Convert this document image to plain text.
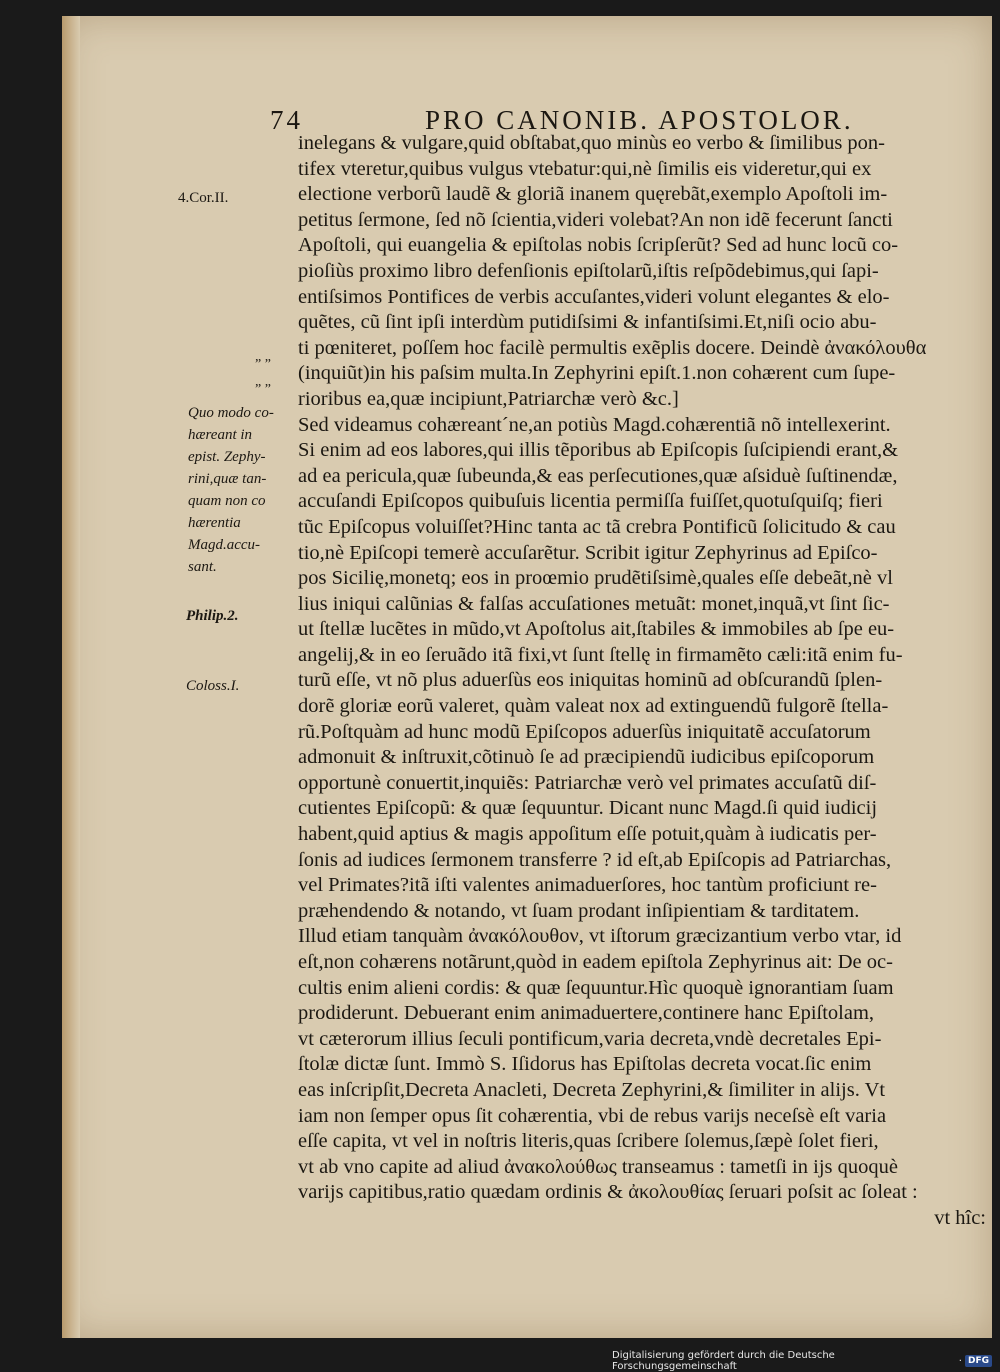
74	PRO CANONIB. APOSTOLOR.
4.Cor.II.
Quo modo co-
hæreant in
epist. Zephy-
rini,quæ tan-
quam non co
hærentia
Magd.accu-
sant.
Philip.2.
Coloss.I.
” ”
” ”
inelegans & vulgare,quid obſtabat,quo minùs eo verbo & ſimilibus pon-
tifex vteretur,quibus vulgus vtebatur:qui,nè ſimilis eis videretur,qui ex
electione verborũ laudẽ & gloriã inanem quęrebãt,exemplo Apoſtoli im-
petitus ſermone, ſed nõ ſcientia,videri volebat?An non idẽ fecerunt ſancti
Apoſtoli, qui euangelia & epiſtolas nobis ſcripſerũt? Sed ad hunc locũ co-
pioſiùs proximo libro defenſionis epiſtolarũ,iſtis reſpõdebimus,qui ſapi-
entiſsimos Pontifices de verbis accuſantes,videri volunt elegantes & elo-
quẽtes, cũ ſint ipſi interdùm putidiſsimi & infantiſsimi.Et,niſi ocio abu-
ti pœniteret, poſſem hoc facilè permultis exẽplis docere. Deindè ἀνακόλουθα
(inquiũt)in his paſsim multa.In Zephyrini epiſt.1.non cohærent cum ſupe-
rioribus ea,quæ incipiunt,Patriarchæ verò &c.]
Sed videamus cohæreant´ne,an potiùs Magd.cohærentiã nõ intellexerint.
Si enim ad eos labores,qui illis tẽporibus ab Epiſcopis ſuſcipiendi erant,&
ad ea pericula,quæ ſubeunda,& eas perſecutiones,quæ aſsiduè ſuſtinendæ,
accuſandi Epiſcopos quibuſuis licentia permiſſa fuiſſet,quotuſquiſq; fieri
tũc Epiſcopus voluiſſet?Hinc tanta ac tã crebra Pontificũ ſolicitudo & cau
tio,nè Epiſcopi temerè accuſarẽtur. Scribit igitur Zephyrinus ad Epiſco-
pos Sicilię,monetq; eos in proœmio prudẽtiſsimè,quales eſſe debeãt,nè vl
lius iniqui calũnias & falſas accuſationes metuãt: monet,inquã,vt ſint ſic-
ut ſtellæ lucẽtes in mũdo,vt Apoſtolus ait,ſtabiles & immobiles ab ſpe eu-
angelij,& in eo ſeruãdo itã fixi,vt ſunt ſtellę in firmamẽto cæli:itã enim fu-
turũ eſſe, vt nõ plus aduerſùs eos iniquitas hominũ ad obſcurandũ ſplen-
dorẽ gloriæ eorũ valeret, quàm valeat nox ad extinguendũ fulgorẽ ſtella-
rũ.Poſtquàm ad hunc modũ Epiſcopos aduerſùs iniquitatẽ accuſatorum
admonuit & inſtruxit,cõtinuò ſe ad præcipiendũ iudicibus epiſcoporum
opportunè conuertit,inquiẽs: Patriarchæ verò vel primates accuſatũ diſ-
cutientes Epiſcopũ: & quæ ſequuntur. Dicant nunc Magd.ſi quid iudicij
habent,quid aptius & magis appoſitum eſſe potuit,quàm à iudicatis per-
ſonis ad iudices ſermonem transferre ? id eſt,ab Epiſcopis ad Patriarchas,
vel Primates?itã iſti valentes animaduerſores, hoc tantùm proficiunt re-
præhendendo & notando, vt ſuam prodant inſipientiam & tarditatem.
Illud etiam tanquàm ἀνακόλουθον, vt iſtorum græcizantium verbo vtar, id
eſt,non cohærens notãrunt,quòd in eadem epiſtola Zephyrinus ait: De oc-
cultis enim alieni cordis: & quæ ſequuntur.Hìc quoquè ignorantiam ſuam
prodiderunt. Debuerant enim animaduertere,continere hanc Epiſtolam,
vt cæterorum illius ſeculi pontificum,varia decreta,vndè decretales Epi-
ſtolæ dictæ ſunt. Immò S. Iſidorus has Epiſtolas decreta vocat.ſic enim
eas inſcripſit,Decreta Anacleti, Decreta Zephyrini,& ſimiliter in alijs. Vt
iam non ſemper opus ſit cohærentia, vbi de rebus varijs neceſsè eſt varia
eſſe capita, vt vel in noſtris literis,quas ſcribere ſolemus,ſæpè ſolet fieri,
vt ab vno capite ad aliud ἀνακολούθως transeamus : tametſi in ijs quoquè
varijs capitibus,ratio quædam ordinis & ἀκολουθίας ſeruari poſsit ac ſoleat :
vt hîc:
Digitalisierung gefördert durch die Deutsche Forschungsgemeinschaft	· DFG
